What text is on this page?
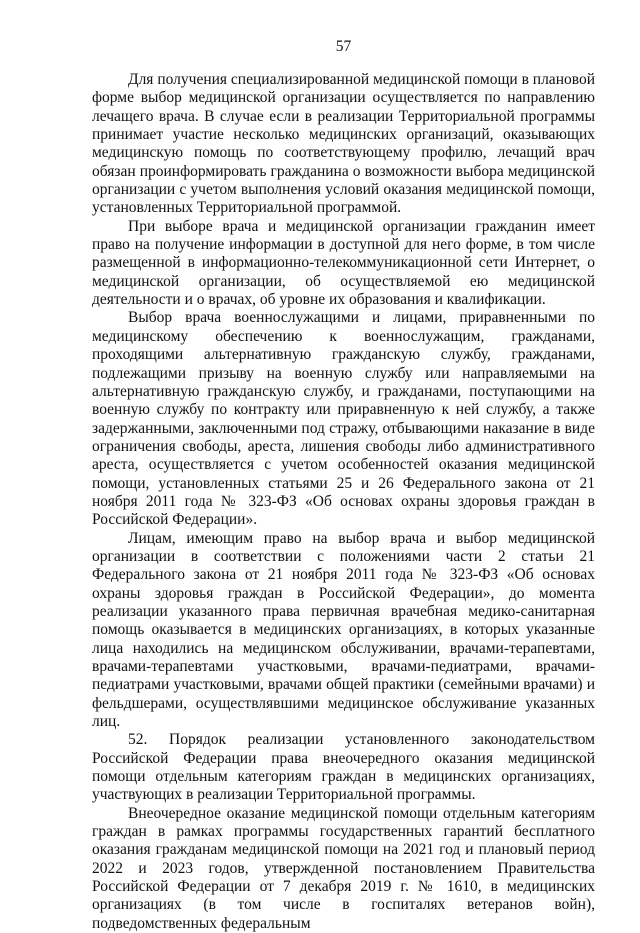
57

Для получения специализированной медицинской помощи в плановой форме выбор медицинской организации осуществляется по направлению лечащего врача. В случае если в реализации Территориальной программы принимает участие несколько медицинских организаций, оказывающих медицинскую помощь по соответствующему профилю, лечащий врач обязан проинформировать гражданина о возможности выбора медицинской организации с учетом выполнения условий оказания медицинской помощи, установленных Территориальной программой.

При выборе врача и медицинской организации гражданин имеет право на получение информации в доступной для него форме, в том числе размещенной в информационно-телекоммуникационной сети Интернет, о медицинской организации, об осуществляемой ею медицинской деятельности и о врачах, об уровне их образования и квалификации.

Выбор врача военнослужащими и лицами, приравненными по медицинскому обеспечению к военнослужащим, гражданами, проходящими альтернативную гражданскую службу, гражданами, подлежащими призыву на военную службу или направляемыми на альтернативную гражданскую службу, и гражданами, поступающими на военную службу по контракту или приравненную к ней службу, а также задержанными, заключенными под стражу, отбывающими наказание в виде ограничения свободы, ареста, лишения свободы либо административного ареста, осуществляется с учетом особенностей оказания медицинской помощи, установленных статьями 25 и 26 Федерального закона от 21 ноября 2011 года № 323-ФЗ «Об основах охраны здоровья граждан в Российской Федерации».

Лицам, имеющим право на выбор врача и выбор медицинской организации в соответствии с положениями части 2 статьи 21 Федерального закона от 21 ноября 2011 года № 323-ФЗ «Об основах охраны здоровья граждан в Российской Федерации», до момента реализации указанного права первичная врачебная медико-санитарная помощь оказывается в медицинских организациях, в которых указанные лица находились на медицинском обслуживании, врачами-терапевтами, врачами-терапевтами участковыми, врачами-педиатрами, врачами-педиатрами участковыми, врачами общей практики (семейными врачами) и фельдшерами, осуществлявшими медицинское обслуживание указанных лиц.

52. Порядок реализации установленного законодательством Российской Федерации права внеочередного оказания медицинской помощи отдельным категориям граждан в медицинских организациях, участвующих в реализации Территориальной программы.

Внеочередное оказание медицинской помощи отдельным категориям граждан в рамках программы государственных гарантий бесплатного оказания гражданам медицинской помощи на 2021 год и плановый период 2022 и 2023 годов, утвержденной постановлением Правительства Российской Федерации от 7 декабря 2019 г. № 1610, в медицинских организациях (в том числе в госпиталях ветеранов войн), подведомственных федеральным
